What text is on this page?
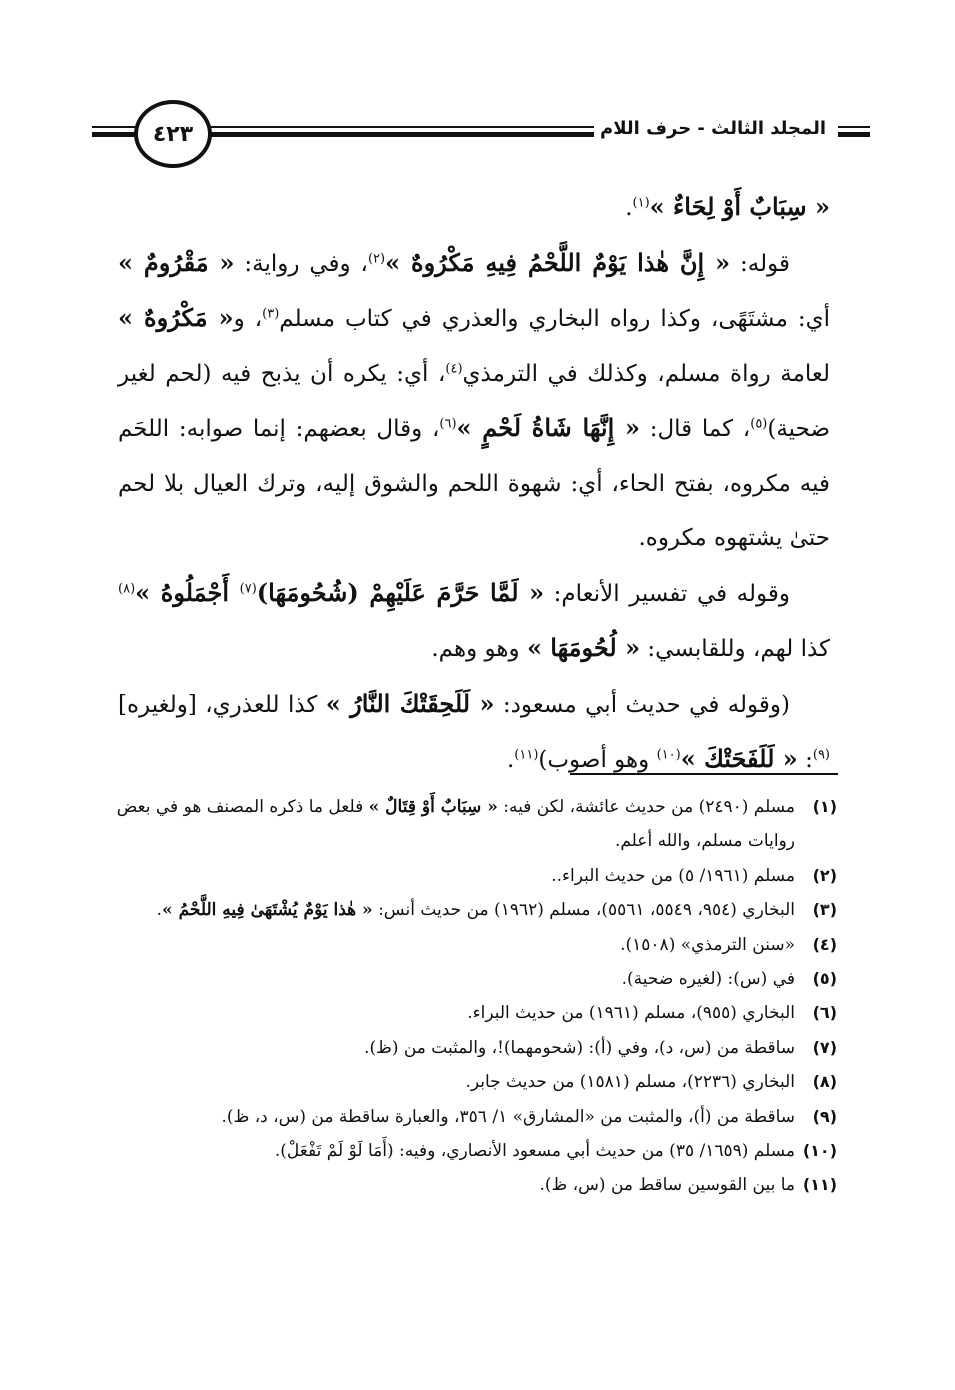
٤٢٣	المجلد الثالث - حرف اللام

« سِبَابٌ أَوْ لِحَاءٌ »$^{(١)}$.

قوله: « إِنَّ هٰذا يَوْمٌ اللَّحْمُ فِيهِ مَكْرُوهٌ »$^{(٢)}$، وفي رواية: « مَقْرُومٌ » أي: مشتَهًى، وكذا رواه البخاري والعذري في كتاب مسلم$^{(٣)}$، و« مَكْرُوهٌ » لعامة رواة مسلم، وكذلك في الترمذي$^{(٤)}$، أي: يكره أن يذبح فيه (لحم لغير ضحية)$^{(٥)}$، كما قال: « إِنَّهَا شَاةُ لَحْمٍ »$^{(٦)}$، وقال بعضهم: إنما صوابه: اللحَم فيه مكروه، بفتح الحاء، أي: شهوة اللحم والشوق إليه، وترك العيال بلا لحم حتىٰ يشتهوه مكروه.

وقوله في تفسير الأنعام: « لَمَّا حَرَّمَ عَلَيْهِمْ (شُحُومَهَا)$^{(٧)}$ أَجْمَلُوهُ »$^{(٨)}$ كذا لهم، وللقابسي: « لُحُومَهَا » وهو وهم.

(وقوله في حديث أبي مسعود: « لَلَحِقَتْكَ النَّارُ » كذا للعذري، [ولغيره]$^{(٩)}$: « لَلَفَحَتْكَ »$^{(١٠)}$ وهو أصوب)$^{(١١)}$.

(١)
مسلم (٢٤٩٠) من حديث عائشة، لكن فيه: « سِبَابٌ أَوْ قِتَالٌ » فلعل ما ذكره المصنف هو في بعض روايات مسلم، والله أعلم.
(٢)
مسلم (١٩٦١/ ٥) من حديث البراء..
(٣)
البخاري (٩٥٤، ٥٥٤٩، ٥٥٦١)، مسلم (١٩٦٢) من حديث أنس: « هٰذا يَوْمٌ يُشْتَهَىٰ فِيهِ اللَّحْمُ ».
(٤)
«سنن الترمذي» (١٥٠٨).
(٥)
في (س): (لغيره ضحية).
(٦)
البخاري (٩٥٥)، مسلم (١٩٦١) من حديث البراء.
(٧)
ساقطة من (س، د)، وفي (أ): (شحومهما)!، والمثبت من (ظ).
(٨)
البخاري (٢٢٣٦)، مسلم (١٥٨١) من حديث جابر.
(٩)
ساقطة من (أ)، والمثبت من «المشارق» ١/ ٣٥٦، والعبارة ساقطة من (س، د، ظ).
(١٠)
مسلم (١٦٥٩/ ٣٥) من حديث أبي مسعود الأنصاري، وفيه: (أَمَا لَوْ لَمْ تَفْعَلْ).
(١١)
ما بين القوسين ساقط من (س، ظ).
